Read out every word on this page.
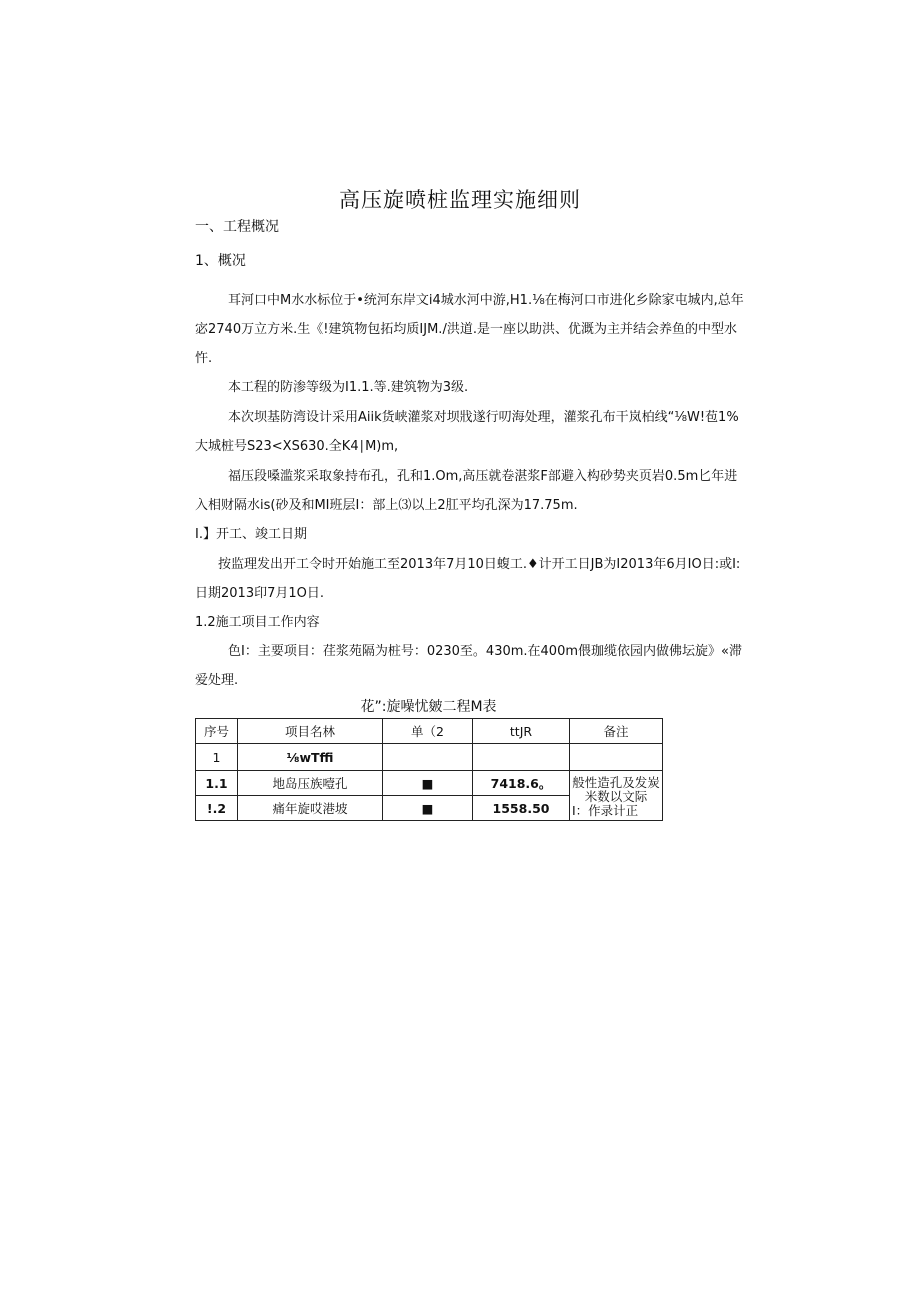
高压旋喷桩监理实施细则
一、工程概况
1、概况
耳河口中M水水标位于•统河东岸文i4城水河中游,H1.⅛在梅河口市进化乡除家屯城内,总年
宓2740万立方米.生《!建筑物包拓均质IJM./洪道.是一座以助洪、优溉为主并结会养鱼的中型水
忤.
本工程的防渗等级为I1.1.等.建筑物为3级.
本次坝基防湾设计采用Aiik货峡灌浆对坝戕遂行叨海处理，灌浆孔布干岚柏线“⅛W!苞1%
大城桩号S23<XS630.全K4∣M)m,
福压段嗓滥浆采取象持布孔，孔和1.Om,高压就卷湛浆F部避入构砂势夹页岩0.5m匕年进
入相财隔水is(砂及和MI班层I：部上⑶以上2肛平均孔深为17.75m.
I.】开工、竣工日期
按监理发出开工令时开始施工至2013年7月10日蝮工.♦计开工日JB为I2013年6月IO日:或I:
日期2013印7月1O日.
1.2施工项目工作内容
色I：主要项目：荏浆苑隔为桩号：0230至。430m.在400m偎珈缆依园内做佛坛旋》«滞
爱处理.
花”:旋噪忧皴二程M表
序号	项目名林	单（2	ttJR	备注
1	⅛wTffi			
1.1	地岛压族噎孔	■	7418.6。	般性造孔及发炭
米数以文际
I：作录计正

!.2	痛年旋哎港坡	■	1558.50	
